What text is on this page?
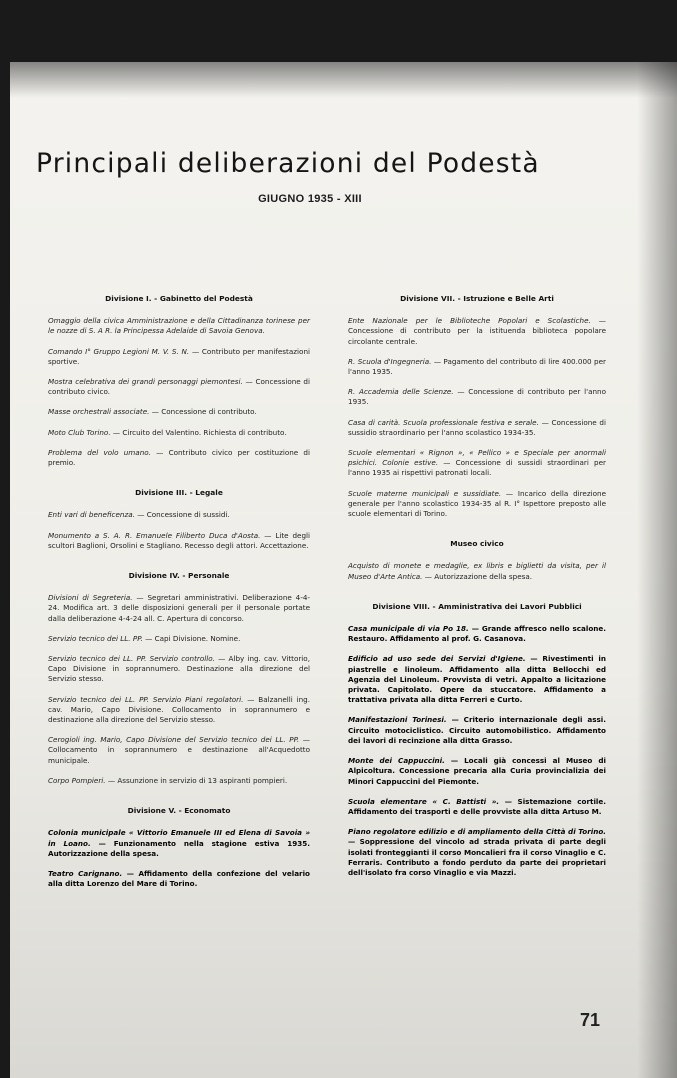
Principali deliberazioni del Podestà
GIUGNO 1935 - XIII
Divisione I. - Gabinetto del Podestà

Omaggio della civica Amministrazione e della Cittadinanza torinese per le nozze di S. A R. la Principessa Adelaide di Savoia Genova.

Comando I° Gruppo Legioni M. V. S. N. — Contributo per manifestazioni sportive.

Mostra celebrativa dei grandi personaggi piemontesi. — Concessione di contributo civico.

Masse orchestrali associate. — Concessione di contributo.

Moto Club Torino. — Circuito del Valentino. Richiesta di contributo.

Problema del volo umano. — Contributo civico per costituzione di premio.

Divisione III. - Legale

Enti vari di beneficenza. — Concessione di sussidi.

Monumento a S. A. R. Emanuele Filiberto Duca d'Aosta. — Lite degli scultori Baglioni, Orsolini e Stagliano. Recesso degli attori. Accettazione.

Divisione IV. - Personale

Divisioni di Segreteria. — Segretari amministrativi. Deliberazione 4-4-24. Modifica art. 3 delle disposizioni generali per il personale portate dalla deliberazione 4-4-24 all. C. Apertura di concorso.

Servizio tecnico dei LL. PP. — Capi Divisione. Nomine.

Servizio tecnico dei LL. PP. Servizio controllo. — Alby ing. cav. Vittorio, Capo Divisione in soprannumero. Destinazione alla direzione del Servizio stesso.

Servizio tecnico dei LL. PP. Servizio Piani regolatori. — Balzanelli ing. cav. Mario, Capo Divisione. Collocamento in soprannumero e destinazione alla direzione del Servizio stesso.

Cerogioli ing. Mario, Capo Divisione del Servizio tecnico dei LL. PP. — Collocamento in soprannumero e destinazione all'Acquedotto municipale.

Corpo Pompieri. — Assunzione in servizio di 13 aspiranti pompieri.

Divisione V. - Economato

Colonia municipale « Vittorio Emanuele III ed Elena di Savoia » in Loano. — Funzionamento nella stagione estiva 1935. Autorizzazione della spesa.

Teatro Carignano. — Affidamento della confezione del velario alla ditta Lorenzo del Mare di Torino.

Divisione VII. - Istruzione e Belle Arti

Ente Nazionale per le Biblioteche Popolari e Scolastiche. — Concessione di contributo per la istituenda biblioteca popolare circolante centrale.

R. Scuola d'Ingegneria. — Pagamento del contributo di lire 400.000 per l'anno 1935.

R. Accademia delle Scienze. — Concessione di contributo per l'anno 1935.

Casa di carità. Scuola professionale festiva e serale. — Concessione di sussidio straordinario per l'anno scolastico 1934-35.

Scuole elementari « Rignon », « Pellico » e Speciale per anormali psichici. Colonie estive. — Concessione di sussidi straordinari per l'anno 1935 ai rispettivi patronati locali.

Scuole materne municipali e sussidiate. — Incarico della direzione generale per l'anno scolastico 1934-35 al R. I° Ispettore preposto alle scuole elementari di Torino.

Museo civico

Acquisto di monete e medaglie, ex libris e biglietti da visita, per il Museo d'Arte Antica. — Autorizzazione della spesa.

Divisione VIII. - Amministrativa dei Lavori Pubblici

Casa municipale di via Po 18. — Grande affresco nello scalone. Restauro. Affidamento al prof. G. Casanova.

Edificio ad uso sede dei Servizi d'Igiene. — Rivestimenti in piastrelle e linoleum. Affidamento alla ditta Bellocchi ed Agenzia del Linoleum. Provvista di vetri. Appalto a licitazione privata. Capitolato. Opere da stuccatore. Affidamento a trattativa privata alla ditta Ferreri e Curto.

Manifestazioni Torinesi. — Criterio internazionale degli assi. Circuito motociclistico. Circuito automobilistico. Affidamento dei lavori di recinzione alla ditta Grasso.

Monte dei Cappuccini. — Locali già concessi al Museo di Alpicoltura. Concessione precaria alla Curia provincializia dei Minori Cappuccini del Piemonte.

Scuola elementare « C. Battisti ». — Sistemazione cortile. Affidamento dei trasporti e delle provviste alla ditta Artuso M.

Piano regolatore edilizio e di ampliamento della Città di Torino. — Soppressione del vincolo ad strada privata di parte degli isolati fronteggianti il corso Moncalieri fra il corso Vinaglio e C. Ferraris. Contributo a fondo perduto da parte dei proprietari dell'isolato fra corso Vinaglio e via Mazzi.

71
